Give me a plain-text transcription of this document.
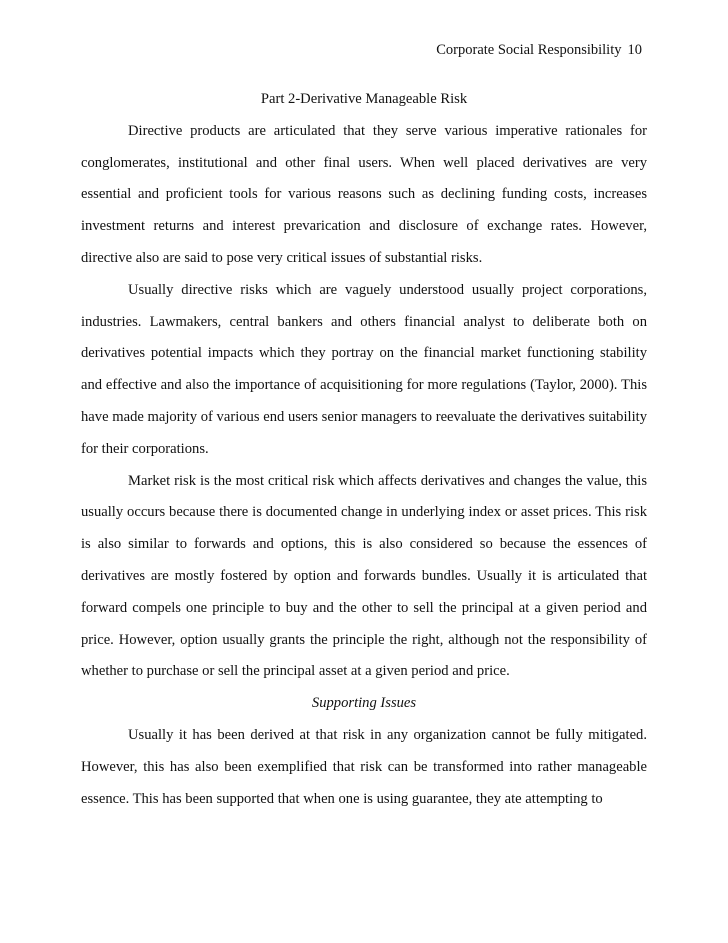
Corporate Social Responsibility 10
Part 2-Derivative Manageable Risk

Directive products are articulated that they serve various imperative rationales for conglomerates, institutional and other final users. When well placed derivatives are very essential and proficient tools for various reasons such as declining funding costs, increases investment returns and interest prevarication and disclosure of exchange rates. However, directive also are said to pose very critical issues of substantial risks.

Usually directive risks which are vaguely understood usually project corporations, industries. Lawmakers, central bankers and others financial analyst to deliberate both on derivatives potential impacts which they portray on the financial market functioning stability and effective and also the importance of acquisitioning for more regulations (Taylor, 2000). This have made majority of various end users senior managers to reevaluate the derivatives suitability for their corporations.

Market risk is the most critical risk which affects derivatives and changes the value, this usually occurs because there is documented change in underlying index or asset prices. This risk is also similar to forwards and options, this is also considered so because the essences of derivatives are mostly fostered by option and forwards bundles. Usually it is articulated that forward compels one principle to buy and the other to sell the principal at a given period and price. However, option usually grants the principle the right, although not the responsibility of whether to purchase or sell the principal asset at a given period and price.

Supporting Issues

Usually it has been derived at that risk in any organization cannot be fully mitigated. However, this has also been exemplified that risk can be transformed into rather manageable essence. This has been supported that when one is using guarantee, they ate attempting to
